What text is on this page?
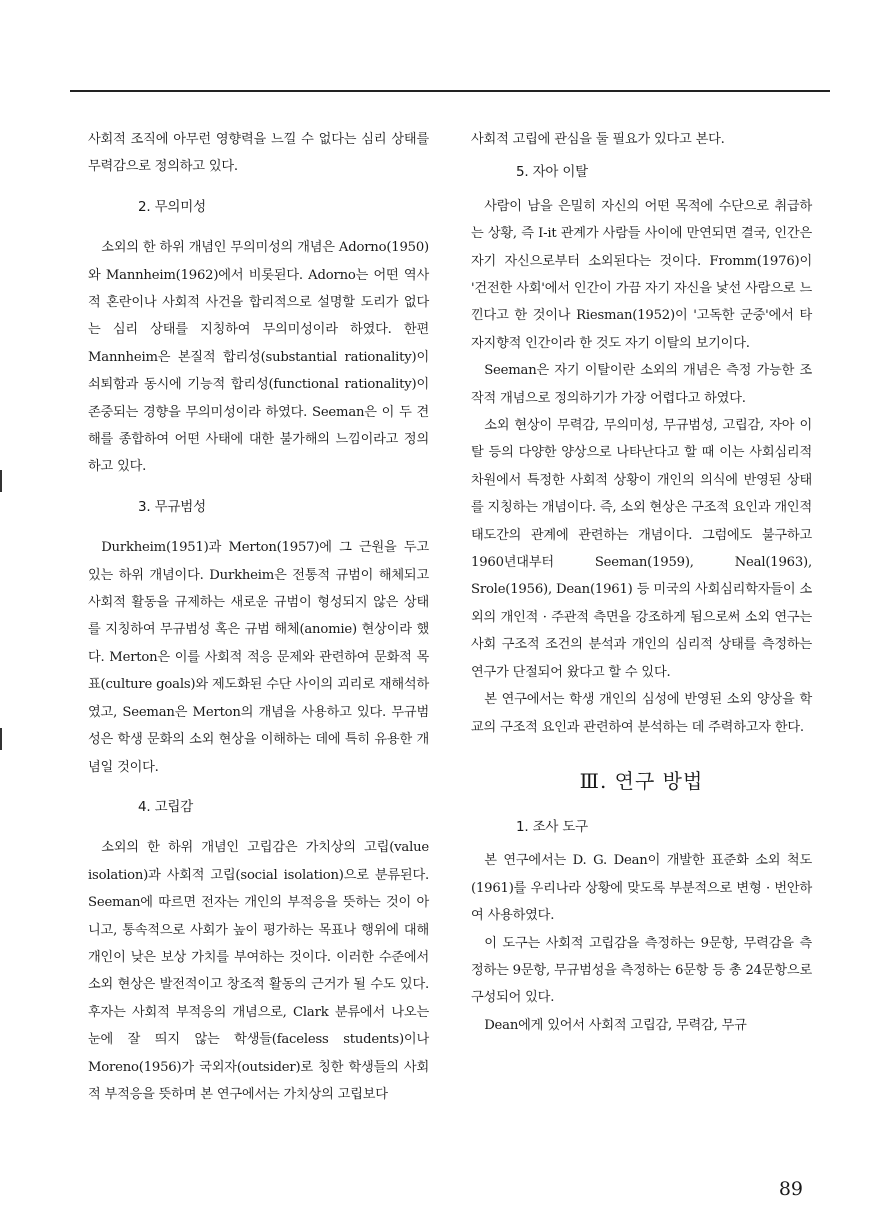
사회적 조직에 아무런 영향력을 느낄 수 없다는 심리 상태를 무력감으로 정의하고 있다.

2. 무의미성

소외의 한 하위 개념인 무의미성의 개념은 Adorno(1950)와 Mannheim(1962)에서 비롯된다. Adorno는 어떤 역사적 혼란이나 사회적 사건을 합리적으로 설명할 도리가 없다는 심리 상태를 지칭하여 무의미성이라 하였다. 한편 Mannheim은 본질적 합리성(substantial rationality)이 쇠퇴함과 동시에 기능적 합리성(functional rationality)이 존중되는 경향을 무의미성이라 하였다. Seeman은 이 두 견해를 종합하여 어떤 사태에 대한 불가해의 느낌이라고 정의하고 있다.

3. 무규범성

Durkheim(1951)과 Merton(1957)에 그 근원을 두고 있는 하위 개념이다. Durkheim은 전통적 규범이 해체되고 사회적 활동을 규제하는 새로운 규범이 형성되지 않은 상태를 지칭하여 무규범성 혹은 규범 해체(anomie) 현상이라 했다. Merton은 이를 사회적 적응 문제와 관련하여 문화적 목표(culture goals)와 제도화된 수단 사이의 괴리로 재해석하였고, Seeman은 Merton의 개념을 사용하고 있다. 무규범성은 학생 문화의 소외 현상을 이해하는 데에 특히 유용한 개념일 것이다.

4. 고립감

소외의 한 하위 개념인 고립감은 가치상의 고립(value isolation)과 사회적 고립(social isolation)으로 분류된다. Seeman에 따르면 전자는 개인의 부적응을 뜻하는 것이 아니고, 통속적으로 사회가 높이 평가하는 목표나 행위에 대해 개인이 낮은 보상 가치를 부여하는 것이다. 이러한 수준에서 소외 현상은 발전적이고 창조적 활동의 근거가 될 수도 있다. 후자는 사회적 부적응의 개념으로, Clark 분류에서 나오는 눈에 잘 띄지 않는 학생들(faceless students)이나 Moreno(1956)가 국외자(outsider)로 칭한 학생들의 사회적 부적응을 뜻하며 본 연구에서는 가치상의 고립보다

사회적 고립에 관심을 둘 필요가 있다고 본다.

5. 자아 이탈

사람이 남을 은밀히 자신의 어떤 목적에 수단으로 취급하는 상황, 즉 I-it 관계가 사람들 사이에 만연되면 결국, 인간은 자기 자신으로부터 소외된다는 것이다. Fromm(1976)이 '건전한 사회'에서 인간이 가끔 자기 자신을 낯선 사람으로 느낀다고 한 것이나 Riesman(1952)이 '고독한 군중'에서 타자지향적 인간이라 한 것도 자기 이탈의 보기이다.

Seeman은 자기 이탈이란 소외의 개념은 측정 가능한 조작적 개념으로 정의하기가 가장 어렵다고 하였다.

소외 현상이 무력감, 무의미성, 무규범성, 고립감, 자아 이탈 등의 다양한 양상으로 나타난다고 할 때 이는 사회심리적 차원에서 특정한 사회적 상황이 개인의 의식에 반영된 상태를 지칭하는 개념이다. 즉, 소외 현상은 구조적 요인과 개인적 태도간의 관계에 관련하는 개념이다. 그럼에도 불구하고 1960년대부터 Seeman(1959), Neal(1963), Srole(1956), Dean(1961) 등 미국의 사회심리학자들이 소외의 개인적 · 주관적 측면을 강조하게 됨으로써 소외 연구는 사회 구조적 조건의 분석과 개인의 심리적 상태를 측정하는 연구가 단절되어 왔다고 할 수 있다.

본 연구에서는 학생 개인의 심성에 반영된 소외 양상을 학교의 구조적 요인과 관련하여 분석하는 데 주력하고자 한다.

Ⅲ. 연구 방법
1. 조사 도구

본 연구에서는 D. G. Dean이 개발한 표준화 소외 척도(1961)를 우리나라 상황에 맞도록 부분적으로 변형 · 번안하여 사용하였다.

이 도구는 사회적 고립감을 측정하는 9문항, 무력감을 측정하는 9문항, 무규범성을 측정하는 6문항 등 총 24문항으로 구성되어 있다.

Dean에게 있어서 사회적 고립감, 무력감, 무규

89
